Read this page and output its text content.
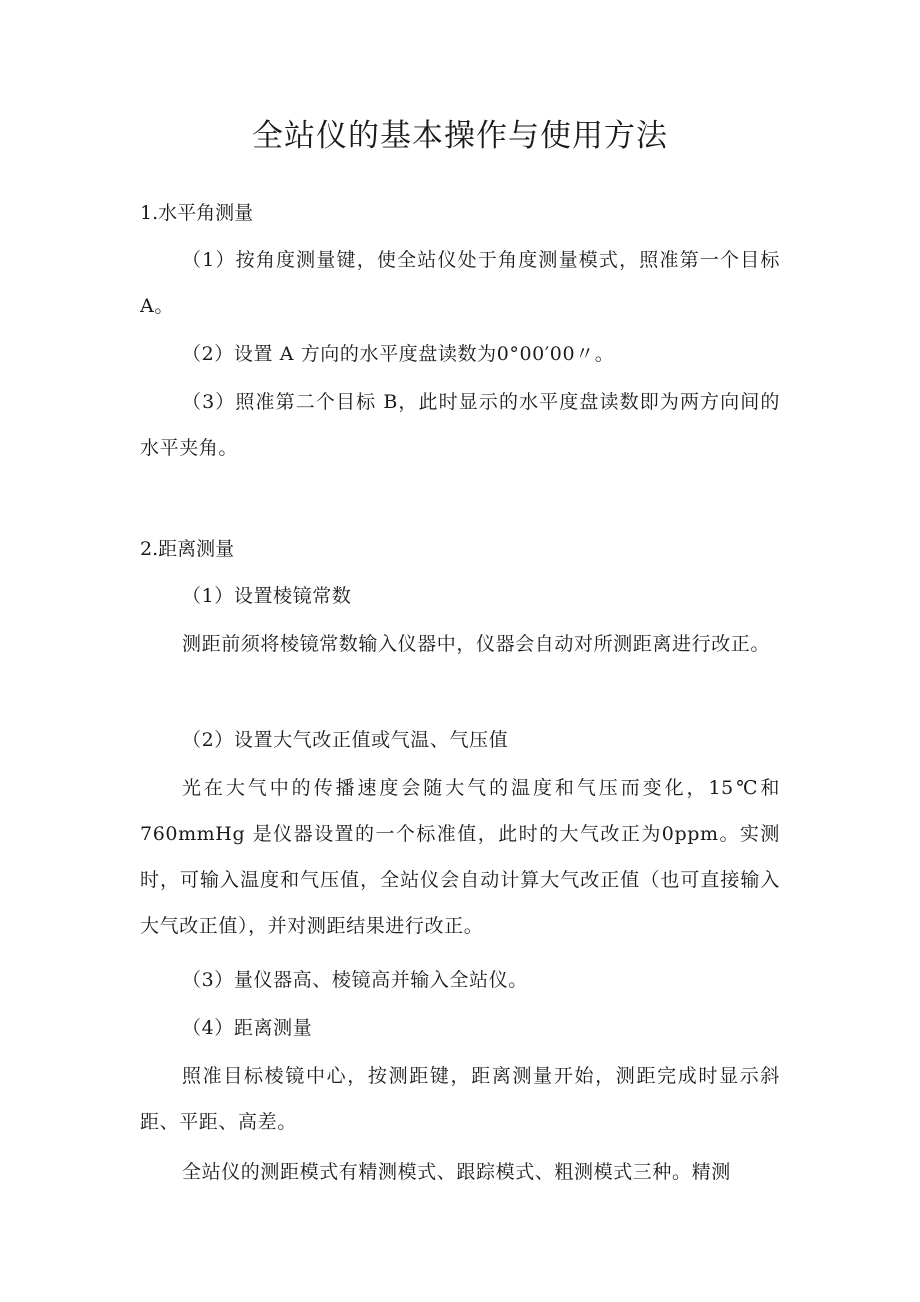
全站仪的基本操作与使用方法
1.水平角测量

（1）按角度测量键，使全站仪处于角度测量模式，照准第一个目标 A。

（2）设置 A 方向的水平度盘读数为0°00′00〃。

（3）照准第二个目标 B，此时显示的水平度盘读数即为两方向间的水平夹角。

2.距离测量

（1）设置棱镜常数

测距前须将棱镜常数输入仪器中，仪器会自动对所测距离进行改正。

（2）设置大气改正值或气温、气压值

光在大气中的传播速度会随大气的温度和气压而变化，15℃和760mmHg 是仪器设置的一个标准值，此时的大气改正为0ppm。实测时，可输入温度和气压值，全站仪会自动计算大气改正值（也可直接输入大气改正值），并对测距结果进行改正。

（3）量仪器高、棱镜高并输入全站仪。

（4）距离测量

照准目标棱镜中心，按测距键，距离测量开始，测距完成时显示斜距、平距、高差。

全站仪的测距模式有精测模式、跟踪模式、粗测模式三种。精测
